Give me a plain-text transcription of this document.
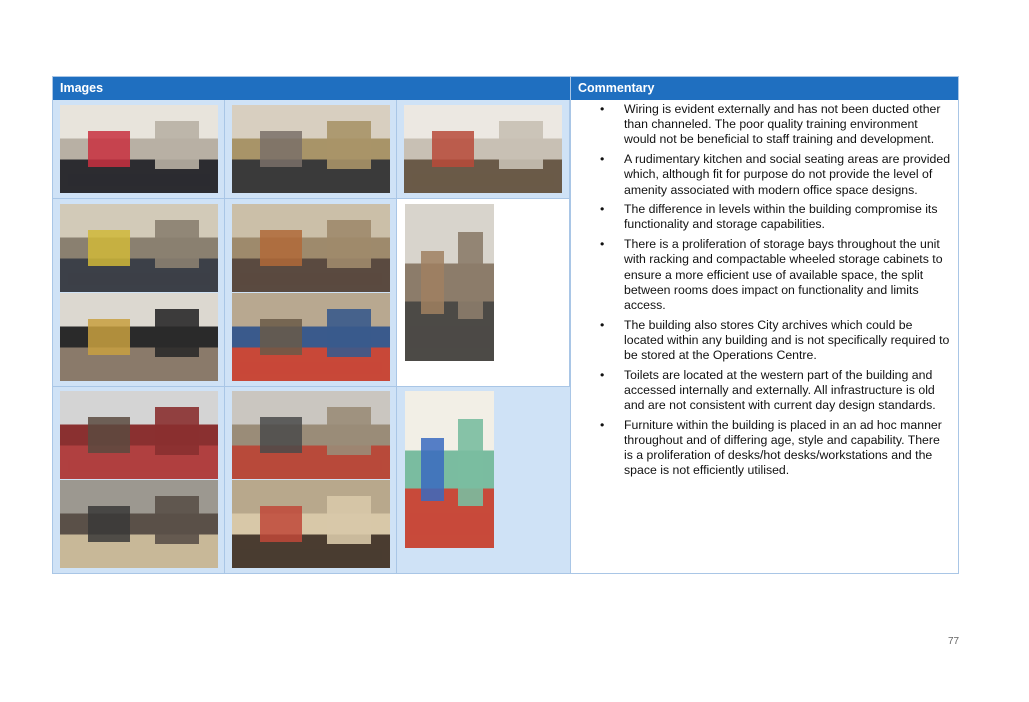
Images	Commentary
• Wiring is evident externally and has not been ducted other than channeled. The poor quality training environment would not be beneficial to staff training and development.
• A rudimentary kitchen and social seating areas are provided which, although fit for purpose do not provide the level of amenity associated with modern office space designs.
• The difference in levels within the building compromise its functionality and storage capabilities.
• There is a proliferation of storage bays throughout the unit with racking and compactable wheeled storage cabinets to ensure a more efficient use of available space, the split between rooms does impact on functionality and limits access.
• The building also stores City archives which could be located within any building and is not specifically required to be stored at the Operations Centre.
• Toilets are located at the western part of the building and accessed internally and externally. All infrastructure is old and are not consistent with current day design standards.
• Furniture within the building is placed in an ad hoc manner throughout and of differing age, style and capability. There is a proliferation of desks/hot desks/workstations and the space is not efficiently utilised.
77
